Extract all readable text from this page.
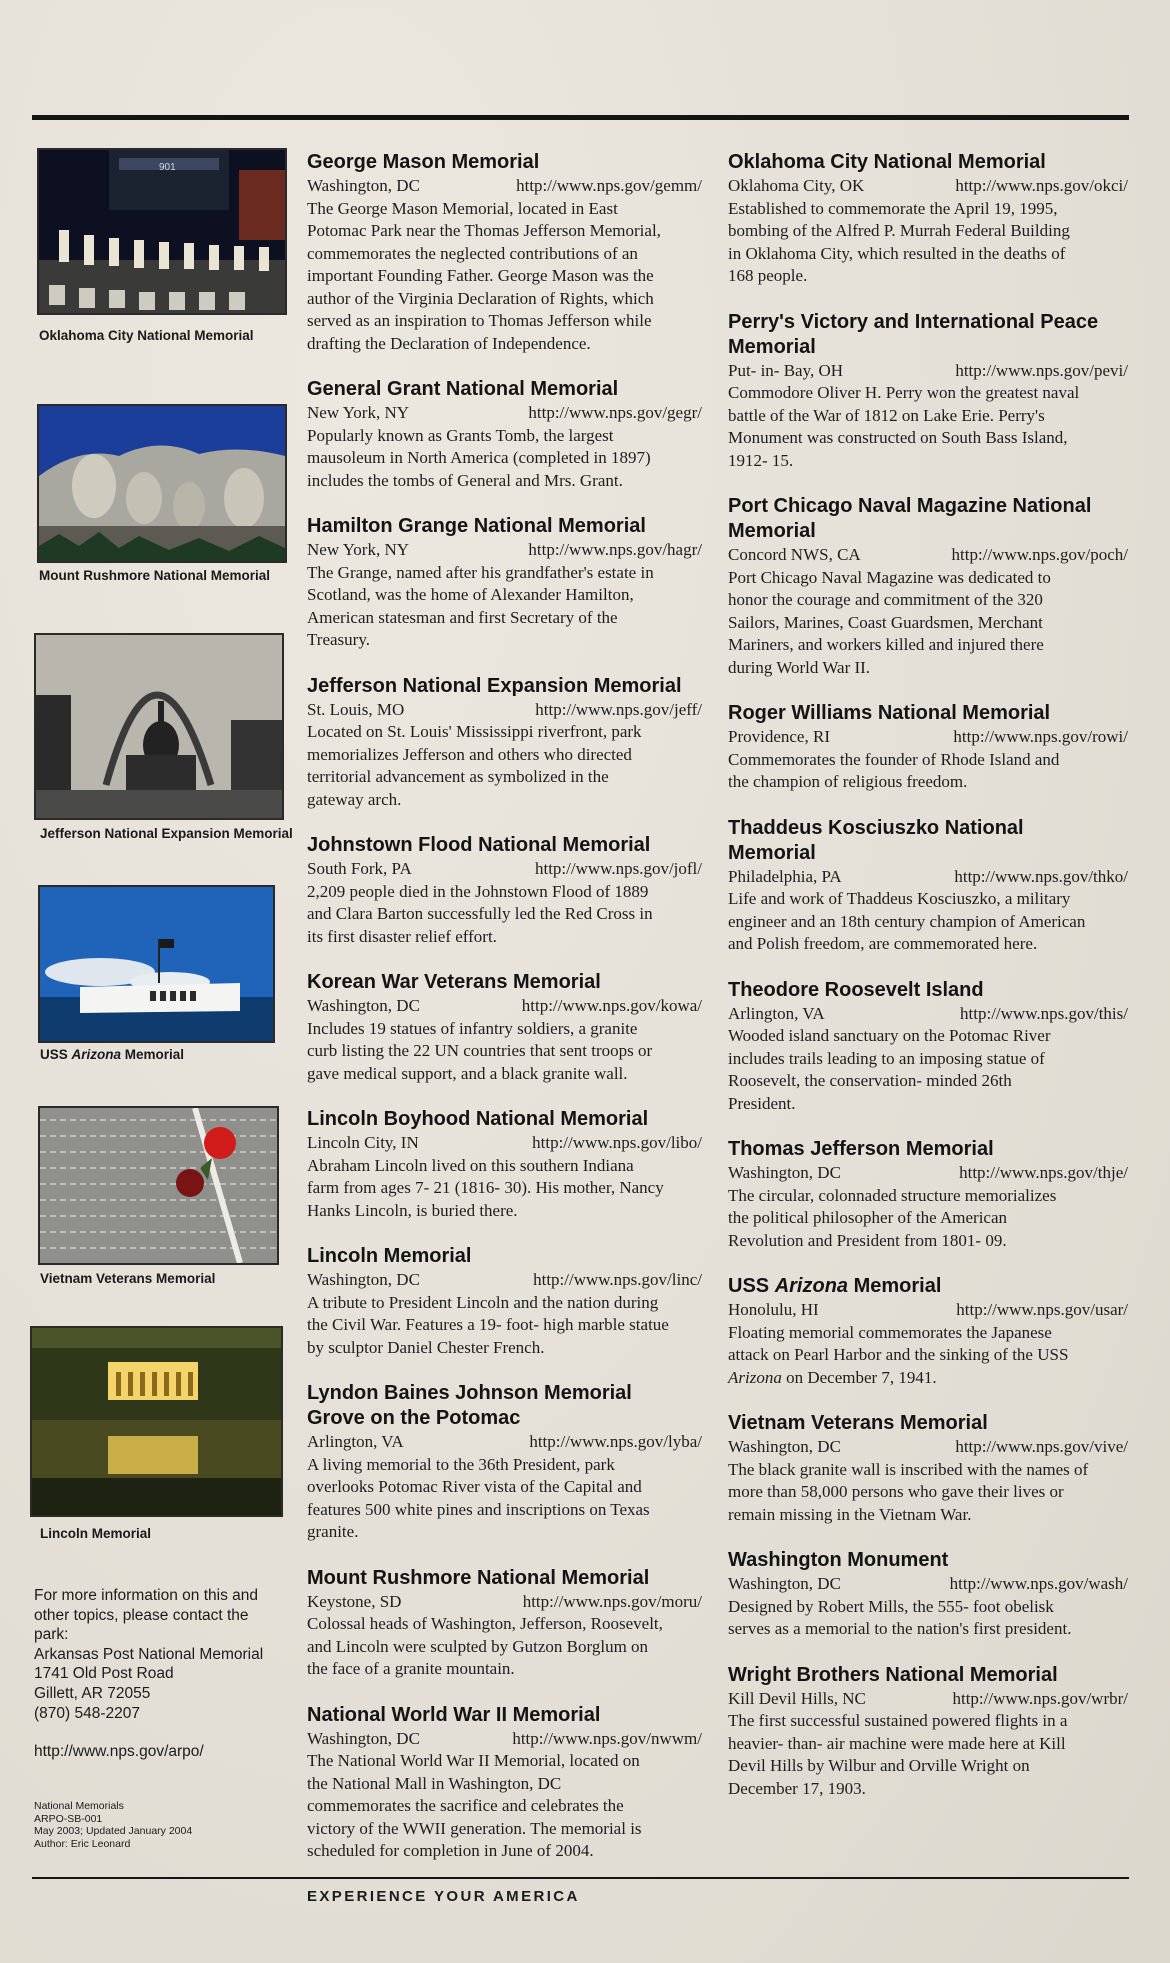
901
Oklahoma City National Memorial
Mount Rushmore National Memorial
Jefferson National Expansion Memorial
USS Arizona Memorial
Vietnam Veterans Memorial
Lincoln Memorial
For more information on this and
other topics, please contact the
park:
Arkansas Post National Memorial
1741 Old Post Road
Gillett, AR 72055
(870) 548-2207
http://www.nps.gov/arpo/
National Memorials
ARPO-SB-001
May 2003; Updated January 2004
Author: Eric Leonard
George Mason Memorial
Washington, DC	http://www.nps.gov/gemm/
The George Mason Memorial, located in East
Potomac Park near the Thomas Jefferson Memorial,
commemorates the neglected contributions of an
important Founding Father. George Mason was the
author of the Virginia Declaration of Rights, which
served as an inspiration to Thomas Jefferson while
drafting the Declaration of Independence.
General Grant National Memorial
New York, NY	http://www.nps.gov/gegr/
Popularly known as Grants Tomb, the largest
mausoleum in North America (completed in 1897)
includes the tombs of General and Mrs. Grant.
Hamilton Grange National Memorial
New York, NY	http://www.nps.gov/hagr/
The Grange, named after his grandfather's estate in
Scotland, was the home of Alexander Hamilton,
American statesman and first Secretary of the
Treasury.
Jefferson National Expansion Memorial
St. Louis, MO	http://www.nps.gov/jeff/
Located on St. Louis' Mississippi riverfront, park
memorializes Jefferson and others who directed
territorial advancement as symbolized in the
gateway arch.
Johnstown Flood National Memorial
South Fork, PA	http://www.nps.gov/jofl/
2,209 people died in the Johnstown Flood of 1889
and Clara Barton successfully led the Red Cross in
its first disaster relief effort.
Korean War Veterans Memorial
Washington, DC	http://www.nps.gov/kowa/
Includes 19 statues of infantry soldiers, a granite
curb listing the 22 UN countries that sent troops or
gave medical support, and a black granite wall.
Lincoln Boyhood National Memorial
Lincoln City, IN	http://www.nps.gov/libo/
Abraham Lincoln lived on this southern Indiana
farm from ages 7- 21 (1816- 30). His mother, Nancy
Hanks Lincoln, is buried there.
Lincoln Memorial
Washington, DC	http://www.nps.gov/linc/
A tribute to President Lincoln and the nation during
the Civil War. Features a 19- foot- high marble statue
by sculptor Daniel Chester French.
Lyndon Baines Johnson Memorial
Grove on the Potomac
Arlington, VA	http://www.nps.gov/lyba/
A living memorial to the 36th President, park
overlooks Potomac River vista of the Capital and
features 500 white pines and inscriptions on Texas
granite.
Mount Rushmore National Memorial
Keystone, SD	http://www.nps.gov/moru/
Colossal heads of Washington, Jefferson, Roosevelt,
and Lincoln were sculpted by Gutzon Borglum on
the face of a granite mountain.
National World War II Memorial
Washington, DC	http://www.nps.gov/nwwm/
The National World War II Memorial, located on
the National Mall in Washington, DC
commemorates the sacrifice and celebrates the
victory of the WWII generation. The memorial is
scheduled for completion in June of 2004.
Oklahoma City National Memorial
Oklahoma City, OK	http://www.nps.gov/okci/
Established to commemorate the April 19, 1995,
bombing of the Alfred P. Murrah Federal Building
in Oklahoma City, which resulted in the deaths of
168 people.
Perry's Victory and International Peace
Memorial
Put- in- Bay, OH	http://www.nps.gov/pevi/
Commodore Oliver H. Perry won the greatest naval
battle of the War of 1812 on Lake Erie. Perry's
Monument was constructed on South Bass Island,
1912- 15.
Port Chicago Naval Magazine National
Memorial
Concord NWS, CA	http://www.nps.gov/poch/
Port Chicago Naval Magazine was dedicated to
honor the courage and commitment of the 320
Sailors, Marines, Coast Guardsmen, Merchant
Mariners, and workers killed and injured there
during World War II.
Roger Williams National Memorial
Providence, RI	http://www.nps.gov/rowi/
Commemorates the founder of Rhode Island and
the champion of religious freedom.
Thaddeus Kosciuszko National
Memorial
Philadelphia, PA	http://www.nps.gov/thko/
Life and work of Thaddeus Kosciuszko, a military
engineer and an 18th century champion of American
and Polish freedom, are commemorated here.
Theodore Roosevelt Island
Arlington, VA	http://www.nps.gov/this/
Wooded island sanctuary on the Potomac River
includes trails leading to an imposing statue of
Roosevelt, the conservation- minded 26th
President.
Thomas Jefferson Memorial
Washington, DC	http://www.nps.gov/thje/
The circular, colonnaded structure memorializes
the political philosopher of the American
Revolution and President from 1801- 09.
USS Arizona Memorial
Honolulu, HI	http://www.nps.gov/usar/
Floating memorial commemorates the Japanese
attack on Pearl Harbor and the sinking of the USS
Arizona on December 7, 1941.
Vietnam Veterans Memorial
Washington, DC	http://www.nps.gov/vive/
The black granite wall is inscribed with the names of
more than 58,000 persons who gave their lives or
remain missing in the Vietnam War.
Washington Monument
Washington, DC	http://www.nps.gov/wash/
Designed by Robert Mills, the 555- foot obelisk
serves as a memorial to the nation's first president.
Wright Brothers National Memorial
Kill Devil Hills, NC	http://www.nps.gov/wrbr/
The first successful sustained powered flights in a
heavier- than- air machine were made here at Kill
Devil Hills by Wilbur and Orville Wright on
December 17, 1903.
EXPERIENCE YOUR AMERICA
